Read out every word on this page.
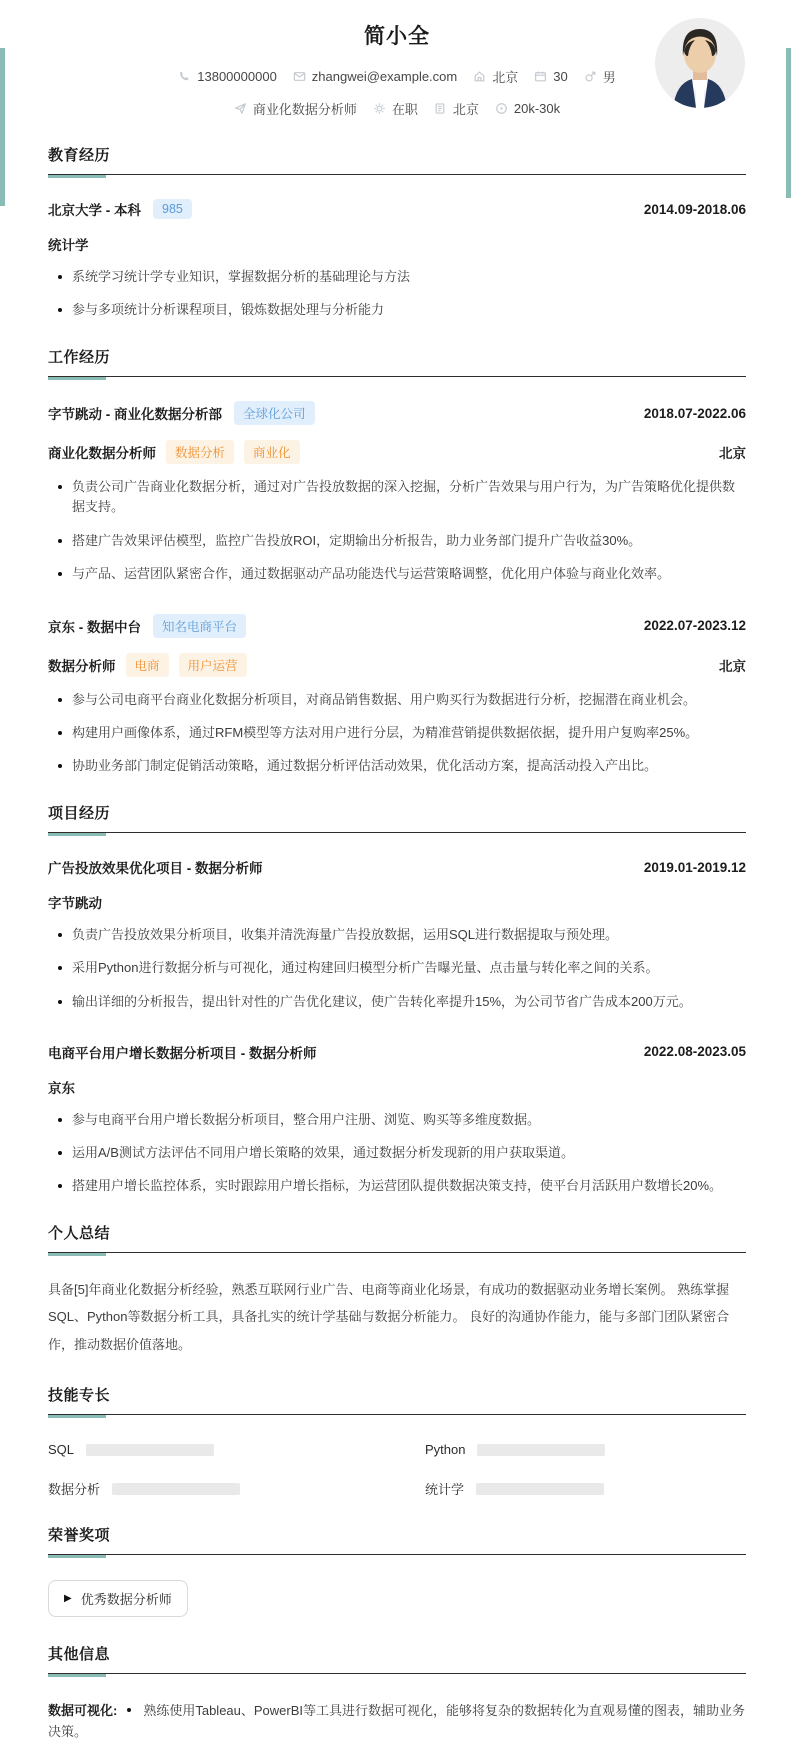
简小全
13800000000	zhangwei@example.com	北京	30	男
商业化数据分析师	在职	北京	20k-30k
教育经历
北京大学 - 本科	985	2014.09-2018.06
统计学
系统学习统计学专业知识，掌握数据分析的基础理论与方法
参与多项统计分析课程项目，锻炼数据处理与分析能力
工作经历
字节跳动 - 商业化数据分析部	全球化公司	2018.07-2022.06
商业化数据分析师	数据分析	商业化	北京
负责公司广告商业化数据分析，通过对广告投放数据的深入挖掘，分析广告效果与用户行为，为广告策略优化提供数据支持。
搭建广告效果评估模型，监控广告投放ROI，定期输出分析报告，助力业务部门提升广告收益30%。
与产品、运营团队紧密合作，通过数据驱动产品功能迭代与运营策略调整，优化用户体验与商业化效率。
京东 - 数据中台	知名电商平台	2022.07-2023.12
数据分析师	电商	用户运营	北京
参与公司电商平台商业化数据分析项目，对商品销售数据、用户购买行为数据进行分析，挖掘潜在商业机会。
构建用户画像体系，通过RFM模型等方法对用户进行分层，为精准营销提供数据依据，提升用户复购率25%。
协助业务部门制定促销活动策略，通过数据分析评估活动效果，优化活动方案，提高活动投入产出比。
项目经历
广告投放效果优化项目 - 数据分析师	2019.01-2019.12
字节跳动
负责广告投放效果分析项目，收集并清洗海量广告投放数据，运用SQL进行数据提取与预处理。
采用Python进行数据分析与可视化，通过构建回归模型分析广告曝光量、点击量与转化率之间的关系。
输出详细的分析报告，提出针对性的广告优化建议，使广告转化率提升15%，为公司节省广告成本200万元。
电商平台用户增长数据分析项目 - 数据分析师	2022.08-2023.05
京东
参与电商平台用户增长数据分析项目，整合用户注册、浏览、购买等多维度数据。
运用A/B测试方法评估不同用户增长策略的效果，通过数据分析发现新的用户获取渠道。
搭建用户增长监控体系，实时跟踪用户增长指标，为运营团队提供数据决策支持，使平台月活跃用户数增长20%。
个人总结
具备[5]年商业化数据分析经验，熟悉互联网行业广告、电商等商业化场景，有成功的数据驱动业务增长案例。 熟练掌握SQL、Python等数据分析工具，具备扎实的统计学基础与数据分析能力。 良好的沟通协作能力，能与多部门团队紧密合作，推动数据价值落地。
技能专长
SQL	Python
数据分析	统计学
荣誉奖项
▶ 优秀数据分析师
其他信息
数据可视化: 熟练使用Tableau、PowerBI等工具进行数据可视化，能够将复杂的数据转化为直观易懂的图表，辅助业务决策。
